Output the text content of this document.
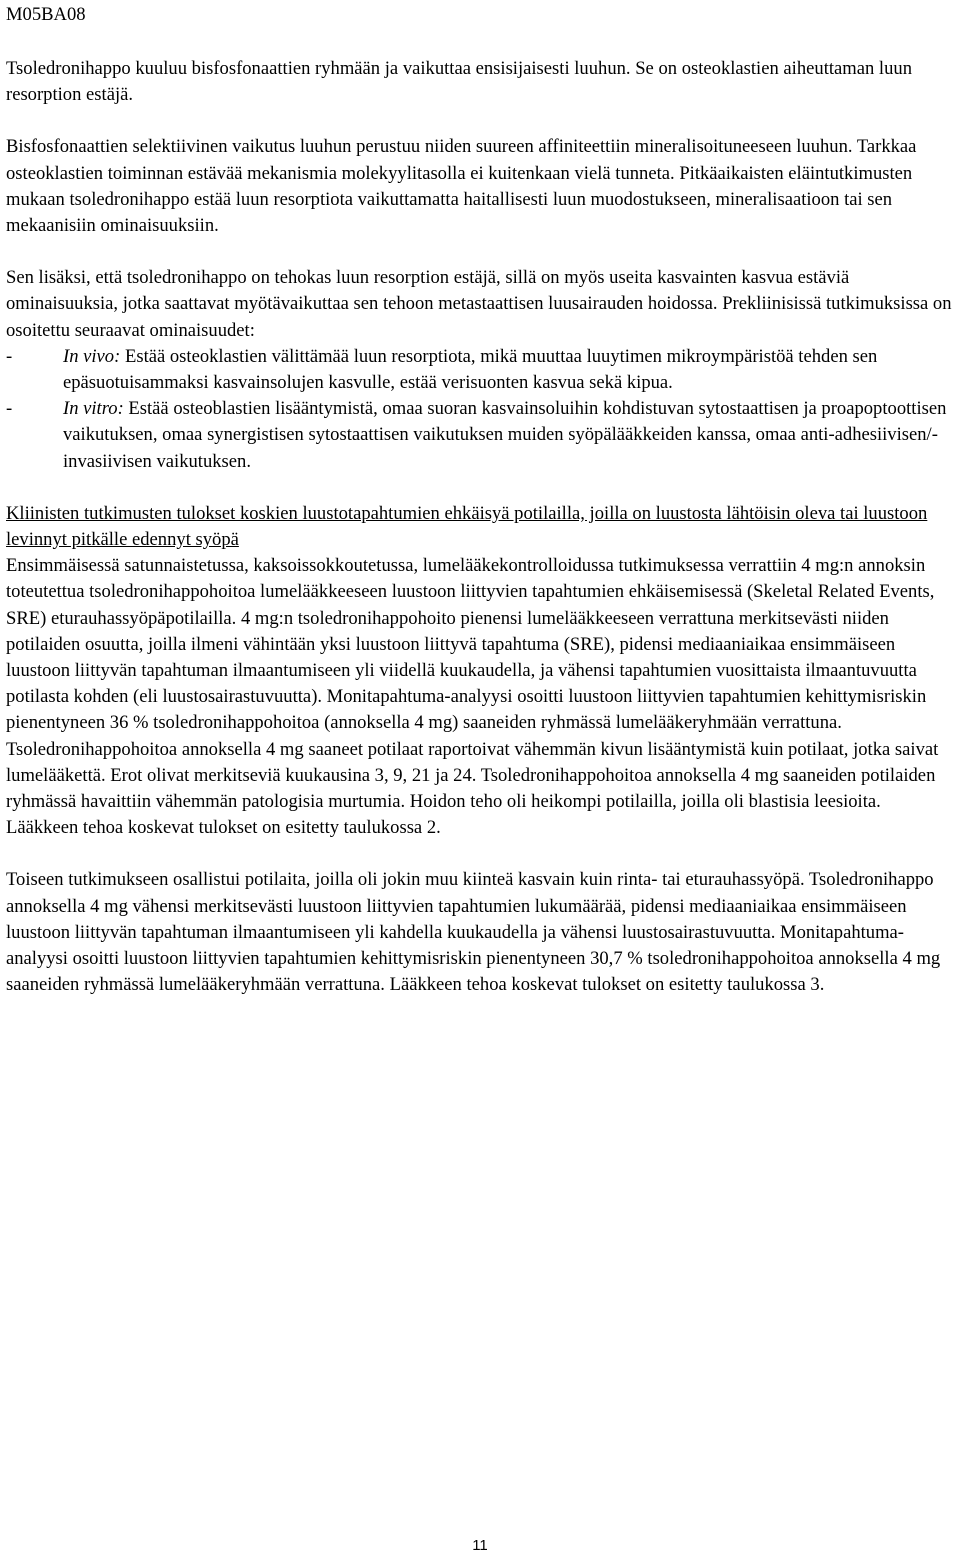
M05BA08

Tsoledronihappo kuuluu bisfosfonaattien ryhmään ja vaikuttaa ensisijaisesti luuhun. Se on osteoklastien aiheuttaman luun resorption estäjä.

Bisfosfonaattien selektiivinen vaikutus luuhun perustuu niiden suureen affiniteettiin mineralisoituneeseen luuhun. Tarkkaa osteoklastien toiminnan estävää mekanismia molekyylitasolla ei kuitenkaan vielä tunneta. Pitkäaikaisten eläintutkimusten mukaan tsoledronihappo estää luun resorptiota vaikuttamatta haitallisesti luun muodostukseen, mineralisaatioon tai sen mekaanisiin ominaisuuksiin.

Sen lisäksi, että tsoledronihappo on tehokas luun resorption estäjä, sillä on myös useita kasvainten kasvua estäviä ominaisuuksia, jotka saattavat myötävaikuttaa sen tehoon metastaattisen luusairauden hoidossa. Prekliinisissä tutkimuksissa on osoitettu seuraavat ominaisuudet:

-	In vivo: Estää osteoklastien välittämää luun resorptiota, mikä muuttaa luuytimen mikroympäristöä tehden sen epäsuotuisammaksi kasvainsolujen kasvulle, estää verisuonten kasvua sekä kipua.
-	In vitro: Estää osteoblastien lisääntymistä, omaa suoran kasvainsoluihin kohdistuvan sytostaattisen ja proapoptoottisen vaikutuksen, omaa synergistisen sytostaattisen vaikutuksen muiden syöpälääkkeiden kanssa, omaa anti-adhesiivisen/-invasiivisen vaikutuksen.

Kliinisten tutkimusten tulokset koskien luustotapahtumien ehkäisyä potilailla, joilla on luustosta lähtöisin oleva tai luustoon levinnyt pitkälle edennyt syöpä

Ensimmäisessä satunnaistetussa, kaksoissokkoutetussa, lumelääkekontrolloidussa tutkimuksessa verrattiin 4 mg:n annoksin toteutettua tsoledronihappohoitoa lumelääkkeeseen luustoon liittyvien tapahtumien ehkäisemisessä (Skeletal Related Events, SRE) eturauhassyöpäpotilailla. 4 mg:n tsoledronihappohoito pienensi lumelääkkeeseen verrattuna merkitsevästi niiden potilaiden osuutta, joilla ilmeni vähintään yksi luustoon liittyvä tapahtuma (SRE), pidensi mediaaniaikaa ensimmäiseen luustoon liittyvän tapahtuman ilmaantumiseen yli viidellä kuukaudella, ja vähensi tapahtumien vuosittaista ilmaantuvuutta potilasta kohden (eli luustosairastuvuutta). Monitapahtuma-analyysi osoitti luustoon liittyvien tapahtumien kehittymisriskin pienentyneen 36 % tsoledronihappohoitoa (annoksella 4 mg) saaneiden ryhmässä lumelääkeryhmään verrattuna. Tsoledronihappohoitoa annoksella 4 mg saaneet potilaat raportoivat vähemmän kivun lisääntymistä kuin potilaat, jotka saivat lumelääkettä. Erot olivat merkitseviä kuukausina 3, 9, 21 ja 24. Tsoledronihappohoitoa annoksella 4 mg saaneiden potilaiden ryhmässä havaittiin vähemmän patologisia murtumia. Hoidon teho oli heikompi potilailla, joilla oli blastisia leesioita. Lääkkeen tehoa koskevat tulokset on esitetty taulukossa 2.

Toiseen tutkimukseen osallistui potilaita, joilla oli jokin muu kiinteä kasvain kuin rinta- tai eturauhassyöpä. Tsoledronihappo annoksella 4 mg vähensi merkitsevästi luustoon liittyvien tapahtumien lukumäärää, pidensi mediaaniaikaa ensimmäiseen luustoon liittyvän tapahtuman ilmaantumiseen yli kahdella kuukaudella ja vähensi luustosairastuvuutta. Monitapahtuma-analyysi osoitti luustoon liittyvien tapahtumien kehittymisriskin pienentyneen 30,7 % tsoledronihappohoitoa annoksella 4 mg saaneiden ryhmässä lumelääkeryhmään verrattuna. Lääkkeen tehoa koskevat tulokset on esitetty taulukossa 3.

11
